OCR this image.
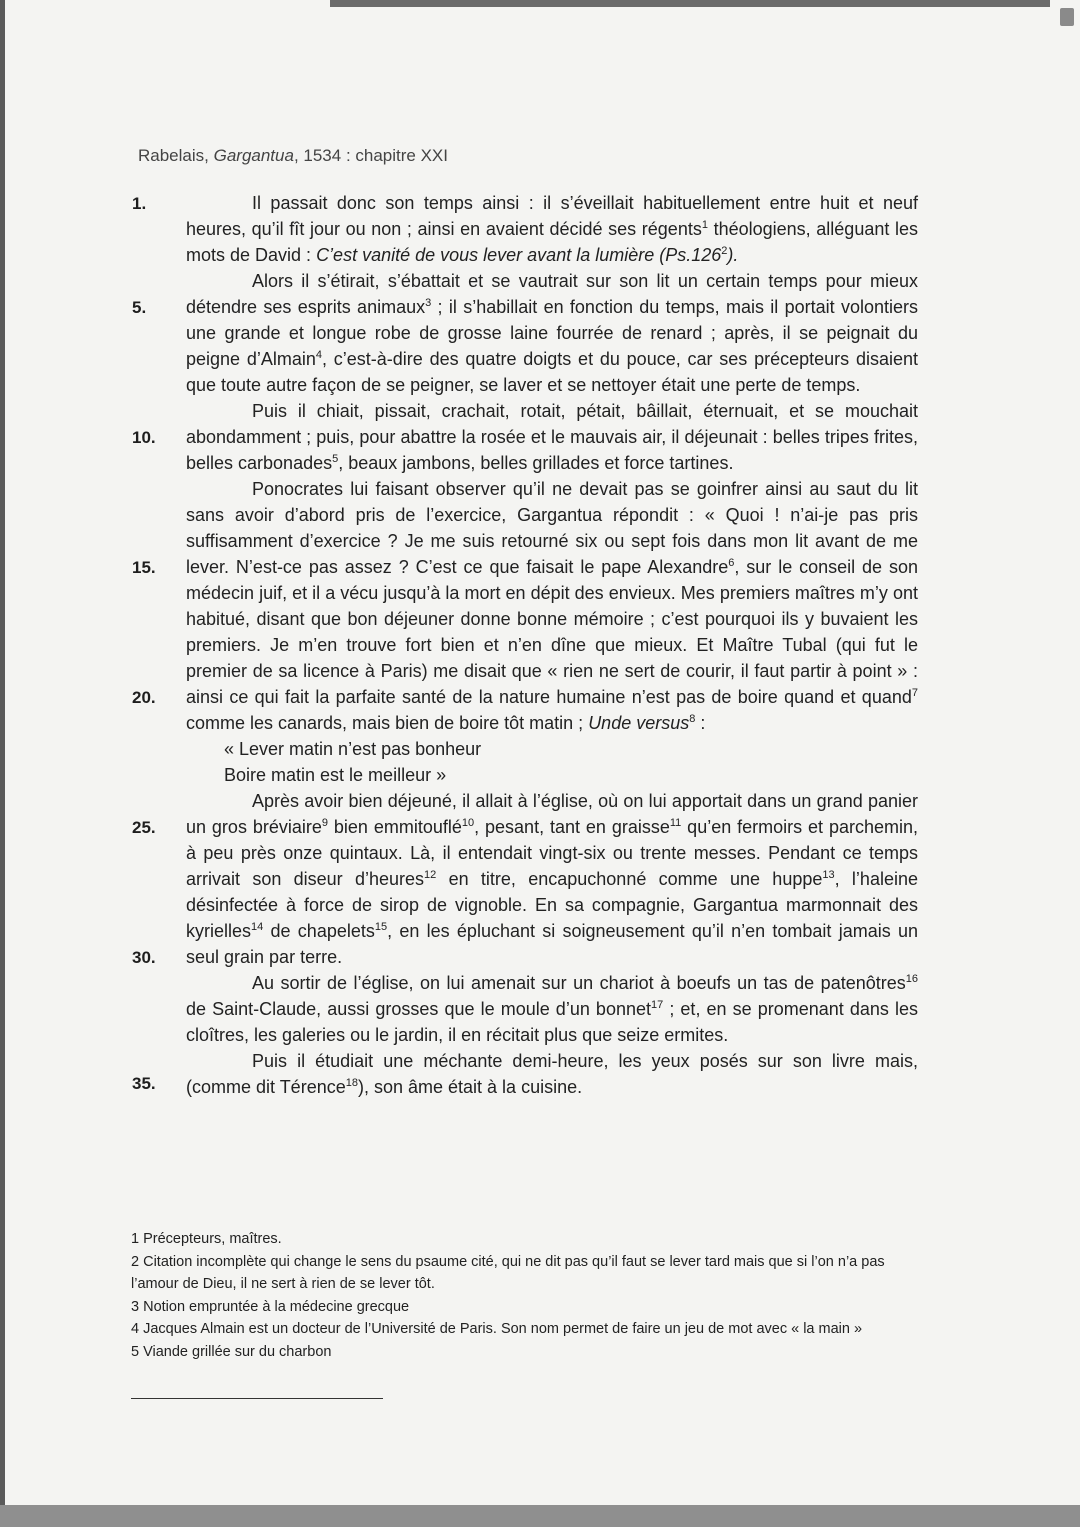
Rabelais, Gargantua, 1534 : chapitre XXI
1.
5.
10.
15.
20.
25.
30.
35.

Il passait donc son temps ainsi : il s’éveillait habituellement entre huit et neuf heures, qu’il fît jour ou non ; ainsi en avaient décidé ses régents$^1$ théologiens, alléguant les mots de David : C’est vanité de vous lever avant la lumière (Ps.126$^2$).

Alors il s’étirait, s’ébattait et se vautrait sur son lit un certain temps pour mieux détendre ses esprits animaux$^3$ ; il s’habillait en fonction du temps, mais il portait volontiers une grande et longue robe de grosse laine fourrée de renard ; après, il se peignait du peigne d’Almain$^4$, c’est-à-dire des quatre doigts et du pouce, car ses précepteurs disaient que toute autre façon de se peigner, se laver et se nettoyer était une perte de temps.

Puis il chiait, pissait, crachait, rotait, pétait, bâillait, éternuait, et se mouchait abondamment ; puis, pour abattre la rosée et le mauvais air, il déjeunait : belles tripes frites, belles carbonades$^5$, beaux jambons, belles grillades et force tartines.

Ponocrates lui faisant observer qu’il ne devait pas se goinfrer ainsi au saut du lit sans avoir d’abord pris de l’exercice, Gargantua répondit : « Quoi ! n’ai-je pas pris suffisamment d’exercice ? Je me suis retourné six ou sept fois dans mon lit avant de me lever. N’est-ce pas assez ? C’est ce que faisait le pape Alexandre$^6$, sur le conseil de son médecin juif, et il a vécu jusqu’à la mort en dépit des envieux. Mes premiers maîtres m’y ont habitué, disant que bon déjeuner donne bonne mémoire ; c’est pourquoi ils y buvaient les premiers. Je m’en trouve fort bien et n’en dîne que mieux. Et Maître Tubal (qui fut le premier de sa licence à Paris) me disait que « rien ne sert de courir, il faut partir à point » : ainsi ce qui fait la parfaite santé de la nature humaine n’est pas de boire quand et quand$^7$ comme les canards, mais bien de boire tôt matin ; Unde versus$^8$ :

« Lever matin n’est pas bonheur

Boire matin est le meilleur »

Après avoir bien déjeuné, il allait à l’église, où on lui apportait dans un grand panier un gros bréviaire$^9$ bien emmitouflé$^{10}$, pesant, tant en graisse$^{11}$ qu’en fermoirs et parchemin, à peu près onze quintaux. Là, il entendait vingt-six ou trente messes. Pendant ce temps arrivait son diseur d’heures$^{12}$ en titre, encapuchonné comme une huppe$^{13}$, l’haleine désinfectée à force de sirop de vignoble. En sa compagnie, Gargantua marmonnait des kyrielles$^{14}$ de chapelets$^{15}$, en les épluchant si soigneusement qu’il n’en tombait jamais un seul grain par terre.

Au sortir de l’église, on lui amenait sur un chariot à boeufs un tas de patenôtres$^{16}$ de Saint-Claude, aussi grosses que le moule d’un bonnet$^{17}$ ; et, en se promenant dans les cloîtres, les galeries ou le jardin, il en récitait plus que seize ermites.

Puis il étudiait une méchante demi-heure, les yeux posés sur son livre mais, (comme dit Térence$^{18}$), son âme était à la cuisine.

1 Précepteurs, maîtres.
2 Citation incomplète qui change le sens du psaume cité, qui ne dit pas qu’il faut se lever tard mais que si l’on n’a pas l’amour de Dieu, il ne sert à rien de se lever tôt.
3 Notion empruntée à la médecine grecque
4 Jacques Almain est un docteur de l’Université de Paris. Son nom permet de faire un jeu de mot avec « la main »
5 Viande grillée sur du charbon
